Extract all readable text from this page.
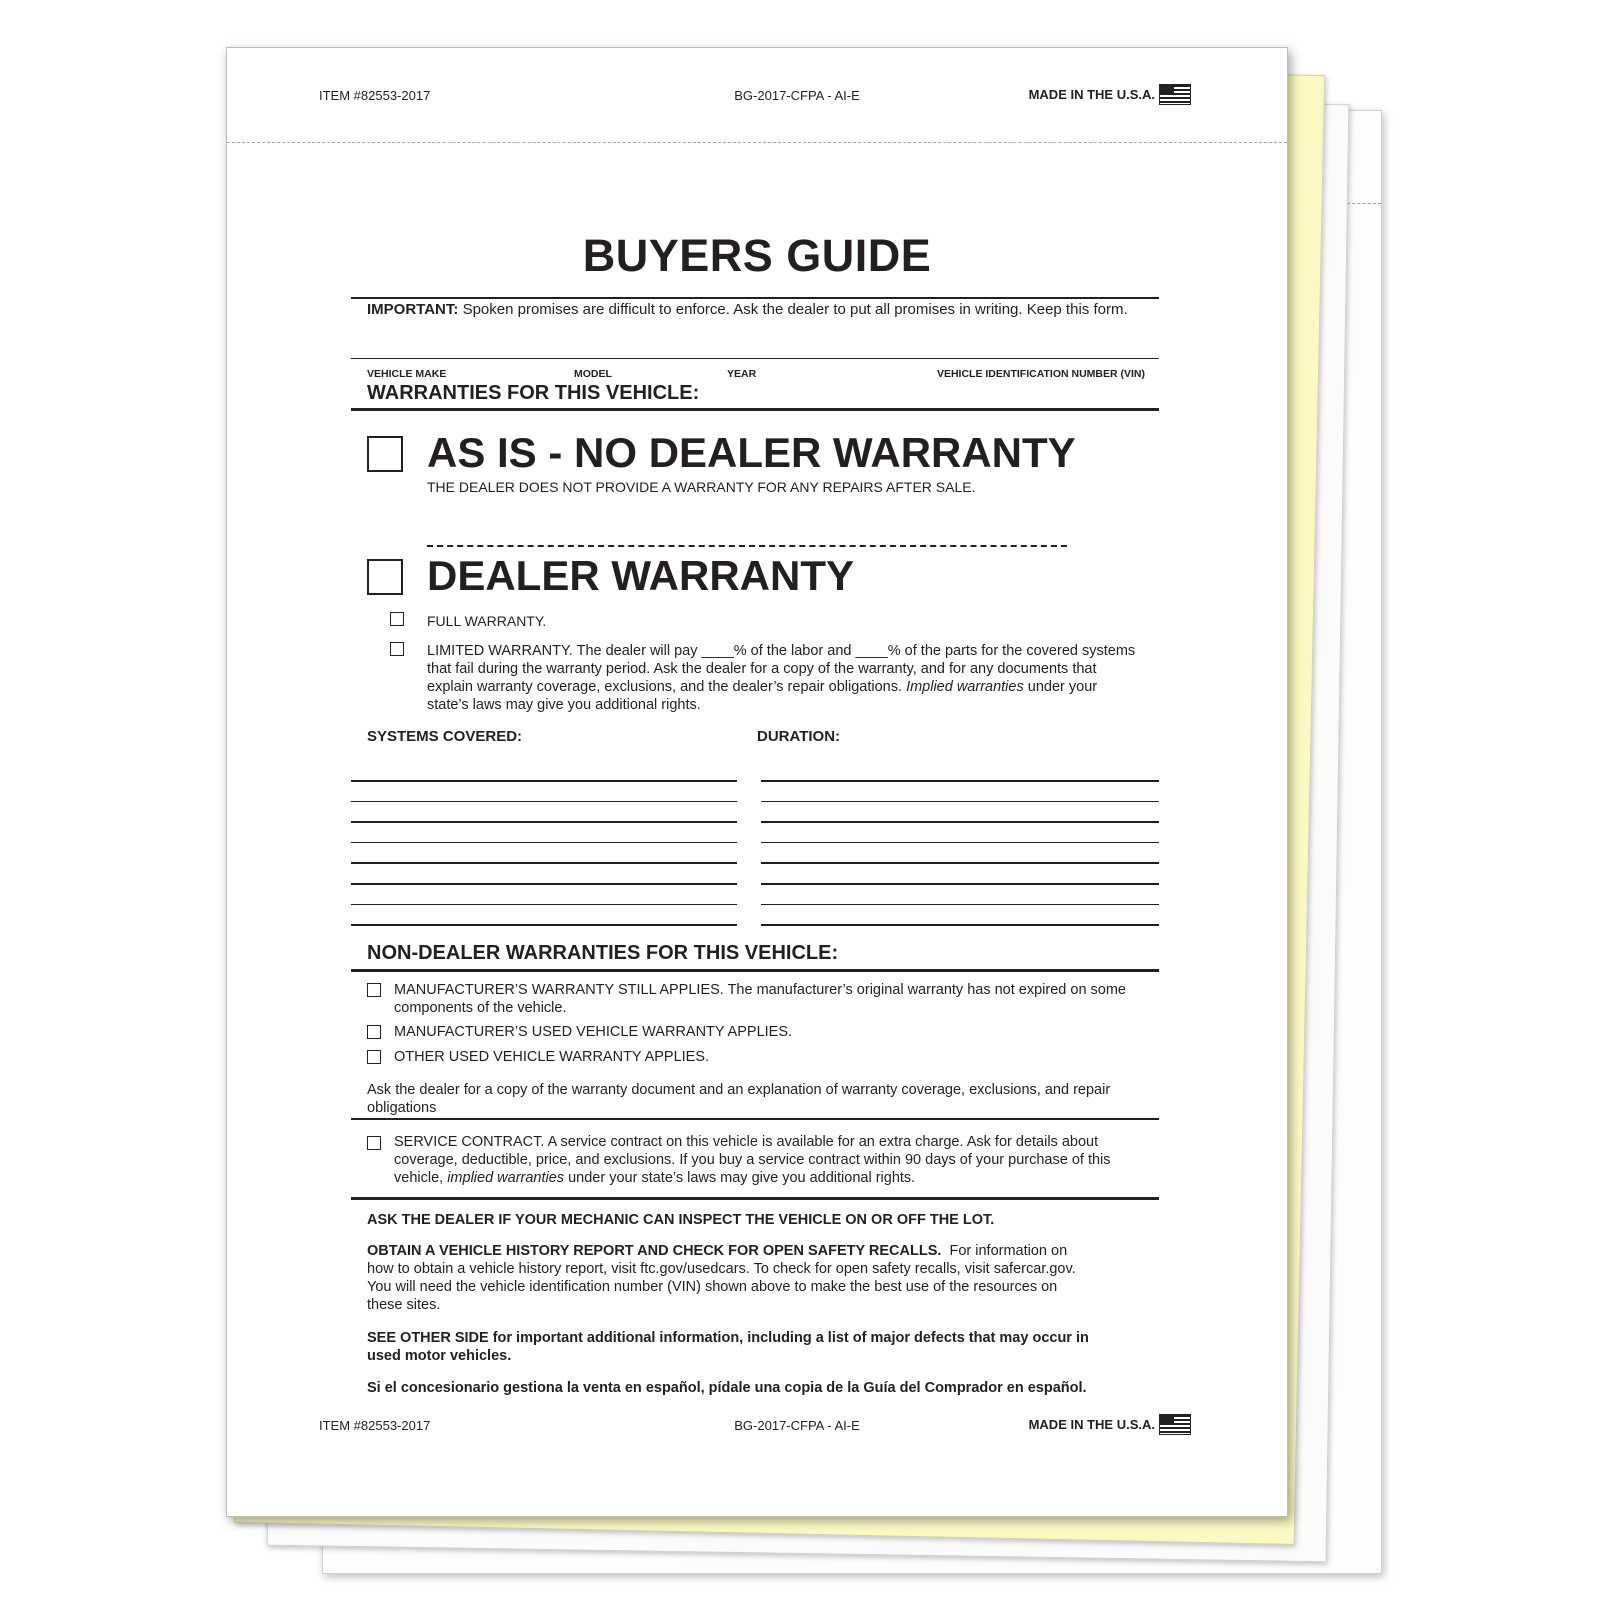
ITEM #82553-2017	BG-2017-CFPA - AI-E	MADE IN THE U.S.A.
BUYERS GUIDE
IMPORTANT: Spoken promises are difficult to enforce. Ask the dealer to put all promises in writing. Keep this form.
VEHICLE MAKE	MODEL	YEAR	VEHICLE IDENTIFICATION NUMBER (VIN)
WARRANTIES FOR THIS VEHICLE:
AS IS - NO DEALER WARRANTY
THE DEALER DOES NOT PROVIDE A WARRANTY FOR ANY REPAIRS AFTER SALE.
DEALER WARRANTY
FULL WARRANTY.
LIMITED WARRANTY. The dealer will pay ____% of the labor and ____% of the parts for the covered systems
that fail during the warranty period. Ask the dealer for a copy of the warranty, and for any documents that
explain warranty coverage, exclusions, and the dealer’s repair obligations. Implied warranties under your
state’s laws may give you additional rights.
SYSTEMS COVERED:	DURATION:
NON-DEALER WARRANTIES FOR THIS VEHICLE:
MANUFACTURER’S WARRANTY STILL APPLIES. The manufacturer’s original warranty has not expired on some
components of the vehicle.
MANUFACTURER’S USED VEHICLE WARRANTY APPLIES.
OTHER USED VEHICLE WARRANTY APPLIES.
Ask the dealer for a copy of the warranty document and an explanation of warranty coverage, exclusions, and repair
obligations
SERVICE CONTRACT. A service contract on this vehicle is available for an extra charge. Ask for details about
coverage, deductible, price, and exclusions. If you buy a service contract within 90 days of your purchase of this
vehicle, implied warranties under your state’s laws may give you additional rights.
ASK THE DEALER IF YOUR MECHANIC CAN INSPECT THE VEHICLE ON OR OFF THE LOT.
OBTAIN A VEHICLE HISTORY REPORT AND CHECK FOR OPEN SAFETY RECALLS. For information on
how to obtain a vehicle history report, visit ftc.gov/usedcars. To check for open safety recalls, visit safercar.gov.
You will need the vehicle identification number (VIN) shown above to make the best use of the resources on
these sites.
SEE OTHER SIDE for important additional information, including a list of major defects that may occur in
used motor vehicles.
Si el concesionario gestiona la venta en español, pídale una copia de la Guía del Comprador en español.
ITEM #82553-2017	BG-2017-CFPA - AI-E	MADE IN THE U.S.A.
